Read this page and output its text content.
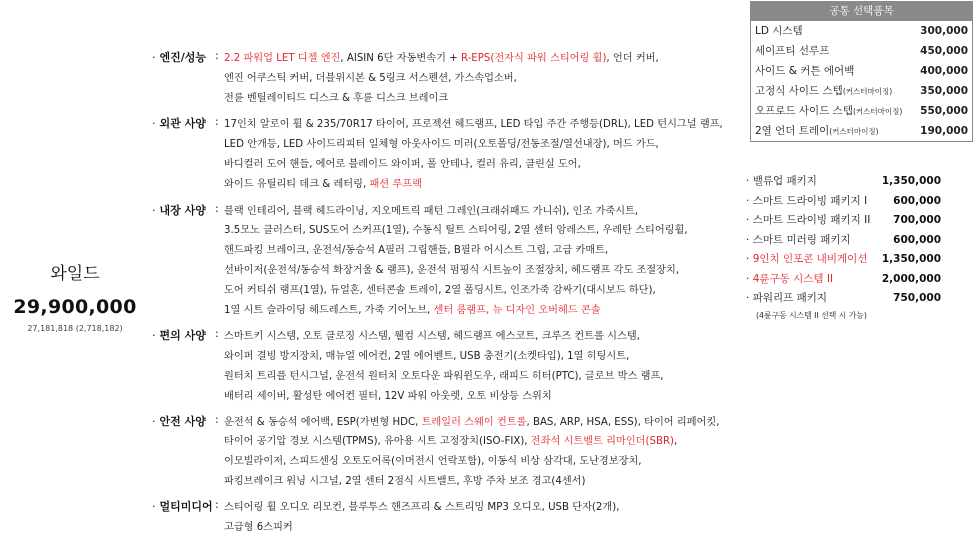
와일드
29,900,000
27,181,818 (2,718,182)
· 엔진/성능 : 2.2 파워업 LET 디젤 엔진, AISIN 6단 자동변속기 + R-EPS(전자식 파워 스티어링 휠), 언더 커버,
엔진 어쿠스틱 커버, 더블위시본 & 5링크 서스펜션, 가스속업소버,
전륜 벤틸레이티드 디스크 & 후륜 디스크 브레이크
· 외관 사양 : 17인치 알로이 휠 & 235/70R17 타이어, 프로젝션 헤드램프, LED 타입 주간 주행등(DRL), LED 턴시그널 램프,
LED 안개등, LED 사이드리피터 일체형 아웃사이드 미러(오토폴딩/전동조절/열선내장), 머드 가드,
바디컬러 도어 핸들, 에어로 블레이드 와이퍼, 폴 안테나, 컬러 유리, 클린실 도어,
와이드 유틸리티 데크 & 레터링, 패션 루프랙
· 내장 사양 : 블랙 인테리어, 블랙 헤드라이닝, 지오메트릭 패턴 그레인(크래쉬패드 가니쉬), 인조 가죽시트,
3.5모노 클러스터, SUS도어 스커프(1열), 수동식 틸트 스티어링, 2열 센터 암레스트, 우레탄 스티어링휠,
핸드파킹 브레이크, 운전석/동승석 A필러 그립핸들, B필라 어시스트 그립, 고급 카매트,
선바이저(운전석/동승석 화장거울 & 램프), 운전석 펌핑식 시트높이 조절장치, 헤드램프 각도 조절장치,
도어 커티쉬 램프(1열), 듀얼혼, 센터콘솔 트레이, 2열 폴딩시트, 인조가죽 감싸기(대시보드 하단),
1열 시트 슬라이딩 헤드레스트, 가죽 기어노브, 센터 룸램프, 뉴 디자인 오버헤드 콘솔
· 편의 사양 : 스마트키 시스템, 오토 클로징 시스템, 웰컴 시스템, 헤드램프 에스코트, 크루즈 컨트롤 시스템,
와이퍼 결빙 방지장치, 매뉴얼 에어컨, 2열 에어벤트, USB 충전기(소켓타입), 1열 히팅시트,
원터치 트리플 턴시그널, 운전석 원터치 오토다운 파워윈도우, 래피드 히터(PTC), 글로브 박스 램프,
배터리 세이버, 활성탄 에어컨 필터, 12V 파워 아웃렛, 오토 비상등 스위치
· 안전 사양 : 운전석 & 동승석 에어백, ESP(가변형 HDC, 트레일러 스웨이 컨트롤, BAS, ARP, HSA, ESS), 타이어 리페어킷,
타이어 공기압 경보 시스템(TPMS), 유아용 시트 고정장치(ISO-FIX), 전좌석 시트벨트 리마인더(SBR),
이모빌라이저, 스피드센싱 오토도어록(이머전시 언락포함), 이동식 비상 삼각대, 도난경보장치,
파킹브레이크 워닝 시그널, 2열 센터 2점식 시트밸트, 후방 주차 보조 경고(4센서)
· 멀티미디어 : 스티어링 휠 오디오 리모컨, 블루투스 핸즈프리 & 스트리밍 MP3 오디오, USB 단자(2개),
고급형 6스피커
공통 선택품목
LD 시스템	300,000
세이프티 선루프	450,000
사이드 & 커튼 에어백	400,000
고정식 사이드 스텝(커스터마이징)	350,000
오프로드 사이드 스텝(커스터마이징) 550,000
2열 언더 트레이(커스터마이징)	190,000
· 밸류업 패키지	1,350,000
· 스마트 드라이빙 패키지 I 600,000
· 스마트 드라이빙 패키지 II 700,000
· 스마트 미러링 패키지	600,000
· 9인치 인포콘 내비게이션 1,350,000
· 4륜구동 시스템 II	2,000,000
· 파워리프 패키지	750,000
(4륜구동 시스템 II 선택 시 가능)
